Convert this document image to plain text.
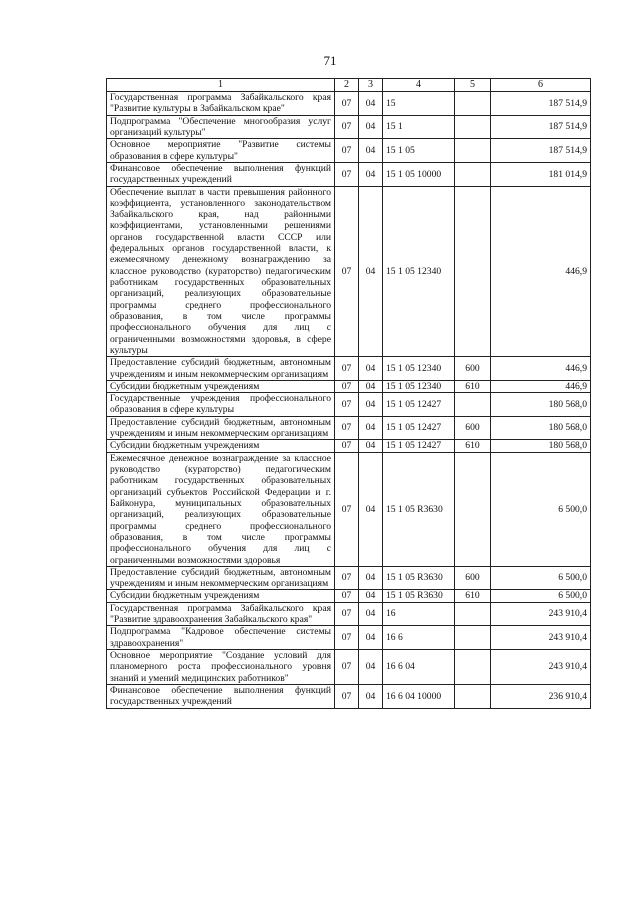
71
1	2	3	4	5	6
Государственная программа Забайкальского края "Развитие культуры в Забайкальском крае"	07	04	15		187 514,9
Подпрограмма "Обеспечение многообразия услуг организаций культуры"	07	04	15 1		187 514,9
Основное мероприятие "Развитие системы образования в сфере культуры"	07	04	15 1 05		187 514,9
Финансовое обеспечение выполнения функций государственных учреждений	07	04	15 1 05 10000		181 014,9
Обеспечение выплат в части превышения районного коэффициента, установленного законодательством Забайкальского края, над районными коэффициентами, установленными решениями органов государственной власти СССР или федеральных органов государственной власти, к ежемесячному денежному вознаграждению за классное руководство (кураторство) педагогическим работникам государственных образовательных организаций, реализующих образовательные программы среднего профессионального образования, в том числе программы профессионального обучения для лиц с ограниченными возможностями здоровья, в сфере культуры	07	04	15 1 05 12340		446,9
Предоставление субсидий бюджетным, автономным учреждениям и иным некоммерческим организациям	07	04	15 1 05 12340	600	446,9
Субсидии бюджетным учреждениям	07	04	15 1 05 12340	610	446,9
Государственные учреждения профессионального образования в сфере культуры	07	04	15 1 05 12427		180 568,0
Предоставление субсидий бюджетным, автономным учреждениям и иным некоммерческим организациям	07	04	15 1 05 12427	600	180 568,0
Субсидии бюджетным учреждениям	07	04	15 1 05 12427	610	180 568,0
Ежемесячное денежное вознаграждение за классное руководство (кураторство) педагогическим работникам государственных образовательных организаций субъектов Российской Федерации и г. Байконура, муниципальных образовательных организаций, реализующих образовательные программы среднего профессионального образования, в том числе программы профессионального обучения для лиц с ограниченными возможностями здоровья	07	04	15 1 05 R3630		6 500,0
Предоставление субсидий бюджетным, автономным учреждениям и иным некоммерческим организациям	07	04	15 1 05 R3630	600	6 500,0
Субсидии бюджетным учреждениям	07	04	15 1 05 R3630	610	6 500,0
Государственная программа Забайкальского края "Развитие здравоохранения Забайкальского края"	07	04	16		243 910,4
Подпрограмма "Кадровое обеспечение системы здравоохранения"	07	04	16 6		243 910,4
Основное мероприятие "Создание условий для планомерного роста профессионального уровня знаний и умений медицинских работников"	07	04	16 6 04		243 910,4
Финансовое обеспечение выполнения функций государственных учреждений	07	04	16 6 04 10000		236 910,4
